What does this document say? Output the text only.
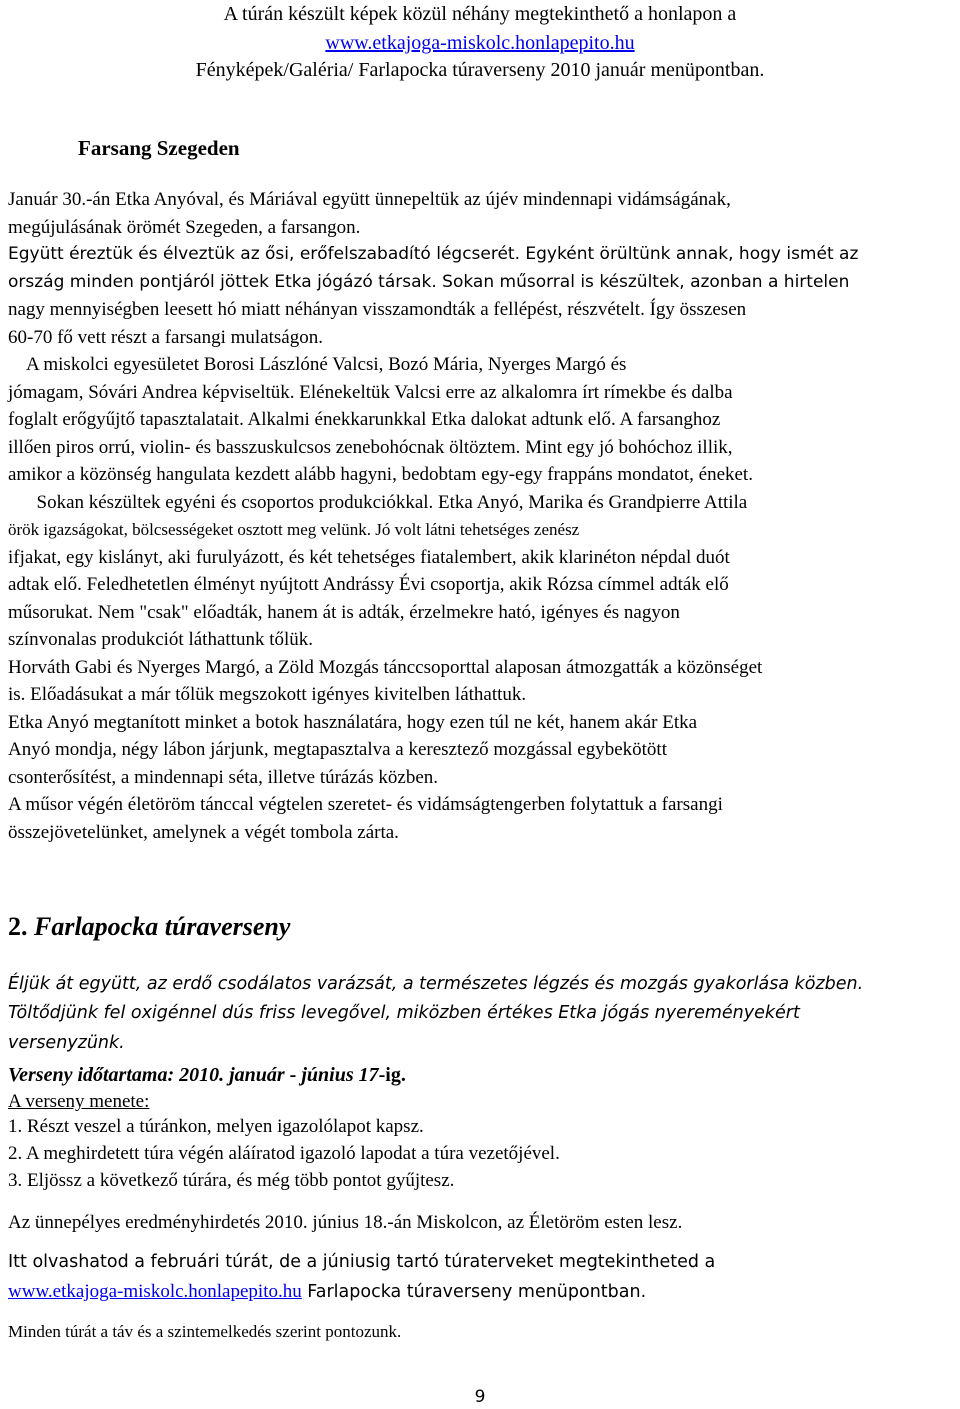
A túrán készült képek közül néhány megtekinthető a honlapon a
www.etkajoga-miskolc.honlapepito.hu
Fényképek/Galéria/ Farlapocka túraverseny 2010 január menüpontban.
Farsang Szegeden
Január 30.-án Etka Anyóval, és Máriával együtt ünnepeltük az újév mindennapi vidámságának,
megújulásának örömét Szegeden, a farsangon.
Együtt éreztük és élveztük az ősi, erőfelszabadító légcserét. Egyként örültünk annak, hogy ismét az
ország minden pontjáról jöttek Etka jógázó társak. Sokan műsorral is készültek, azonban a hirtelen
nagy mennyiségben leesett hó miatt néhányan visszamondták a fellépést, részvételt. Így összesen
60-70 fő vett részt a farsangi mulatságon.
A miskolci egyesületet Borosi Lászlóné Valcsi, Bozó Mária, Nyerges Margó és
jómagam, Sóvári Andrea képviseltük. Elénekeltük Valcsi erre az alkalomra írt rímekbe és dalba
foglalt erőgyűjtő tapasztalatait. Alkalmi énekkarunkkal Etka dalokat adtunk elő. A farsanghoz
illően piros orrú, violin- és basszuskulcsos zenebohócnak öltöztem. Mint egy jó bohóchoz illik,
amikor a közönség hangulata kezdett alább hagyni, bedobtam egy-egy frappáns mondatot, éneket.
Sokan készültek egyéni és csoportos produkciókkal. Etka Anyó, Marika és Grandpierre Attila
örök igazságokat, bölcsességeket osztott meg velünk. Jó volt látni tehetséges zenész
ifjakat, egy kislányt, aki furulyázott, és két tehetséges fiatalembert, akik klarinéton népdal duót
adtak elő. Feledhetetlen élményt nyújtott Andrássy Évi csoportja, akik Rózsa címmel adták elő
műsorukat. Nem "csak" előadták, hanem át is adták, érzelmekre ható, igényes és nagyon
színvonalas produkciót láthattunk tőlük.
Horváth Gabi és Nyerges Margó, a Zöld Mozgás tánccsoporttal alaposan átmozgatták a közönséget
is. Előadásukat a már tőlük megszokott igényes kivitelben láthattuk.
Etka Anyó megtanított minket a botok használatára, hogy ezen túl ne két, hanem akár Etka
Anyó mondja, négy lábon járjunk, megtapasztalva a keresztező mozgással egybekötött
csonterősítést, a mindennapi séta, illetve túrázás közben.
A műsor végén életöröm tánccal végtelen szeretet- és vidámságtengerben folytattuk a farsangi
összejövetelünket, amelynek a végét tombola zárta.
2. Farlapocka túraverseny
Éljük át együtt, az erdő csodálatos varázsát, a természetes légzés és mozgás gyakorlása közben.
Töltődjünk fel oxigénnel dús friss levegővel, miközben értékes Etka jógás nyereményekért
versenyzünk.
Verseny időtartama: 2010. január - június 17-ig.
A verseny menete:
1. Részt veszel a túránkon, melyen igazolólapot kapsz.
2. A meghirdetett túra végén aláíratod igazoló lapodat a túra vezetőjével.
3. Eljössz a következő túrára, és még több pontot gyűjtesz.
Az ünnepélyes eredményhirdetés 2010. június 18.-án Miskolcon, az Életöröm esten lesz.
Itt olvashatod a februári túrát, de a júniusig tartó túraterveket megtekintheted a
www.etkajoga-miskolc.honlapepito.hu Farlapocka túraverseny menüpontban.
Minden túrát a táv és a szintemelkedés szerint pontozunk.
9
